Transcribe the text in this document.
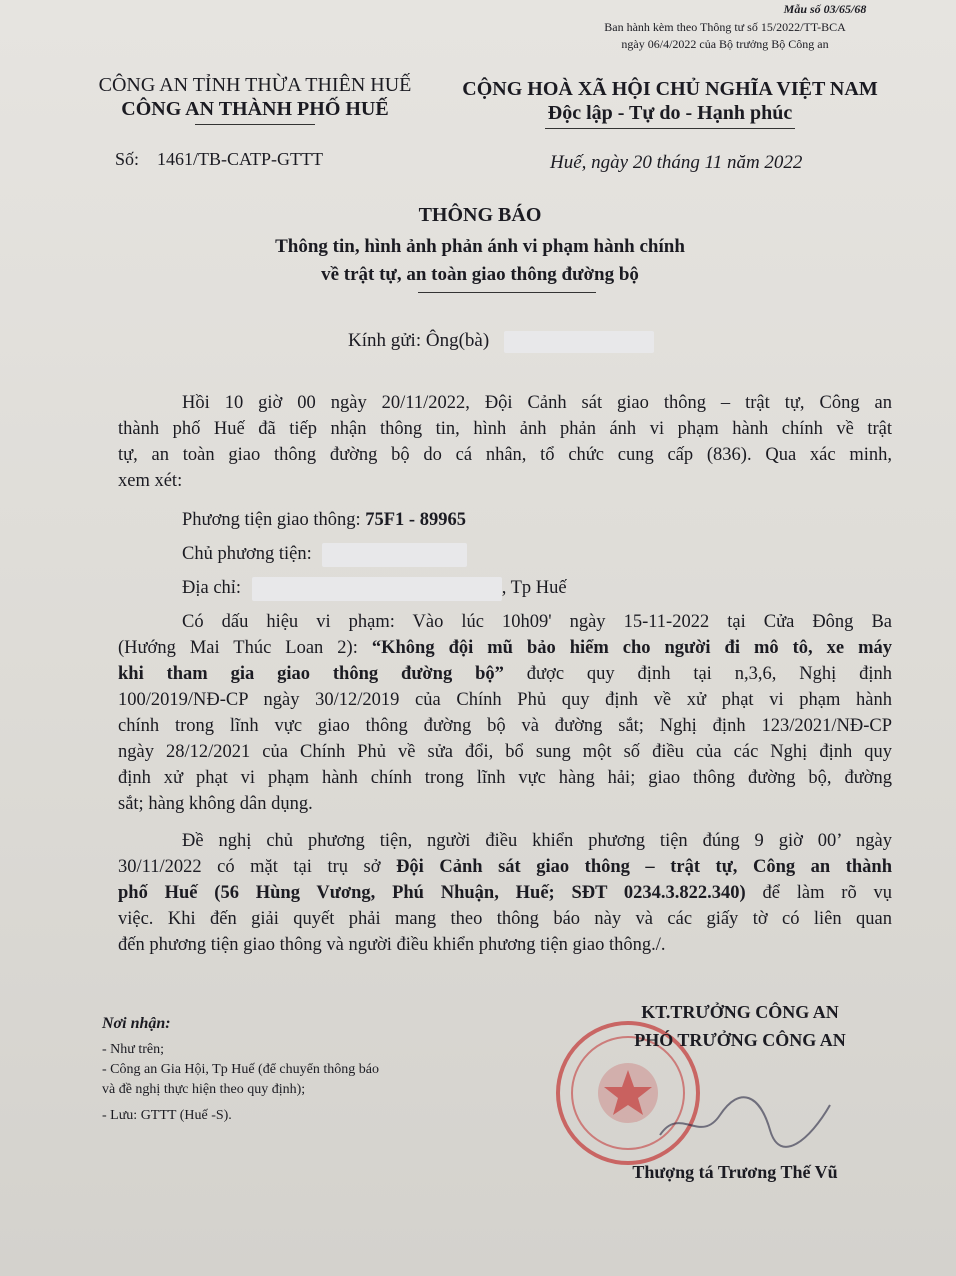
Mẫu số 03/65/68
Ban hành kèm theo Thông tư số 15/2022/TT-BCA
ngày 06/4/2022 của Bộ trưởng Bộ Công an
CÔNG AN TỈNH THỪA THIÊN HUẾ
CÔNG AN THÀNH PHỐ HUẾ
CỘNG HOÀ XÃ HỘI CHỦ NGHĨA VIỆT NAM
Độc lập - Tự do - Hạnh phúc
Số: 1461/TB-CATP-GTTT	Huế, ngày 20 tháng 11 năm 2022
THÔNG BÁO
Thông tin, hình ảnh phản ánh vi phạm hành chính
về trật tự, an toàn giao thông đường bộ
Kính gửi: Ông(bà)
Hồi 10 giờ 00 ngày 20/11/2022, Đội Cảnh sát giao thông – trật tự, Công an
thành phố Huế đã tiếp nhận thông tin, hình ảnh phản ánh vi phạm hành chính về trật
tự, an toàn giao thông đường bộ do cá nhân, tổ chức cung cấp (836). Qua xác minh,
xem xét:
Phương tiện giao thông: 75F1 - 89965
Chủ phương tiện:
Địa chỉ:	, Tp Huế
Có dấu hiệu vi phạm: Vào lúc 10h09' ngày 15-11-2022 tại Cửa Đông Ba
(Hướng Mai Thúc Loan 2): “Không đội mũ bảo hiểm cho người đi mô tô, xe máy
khi tham gia giao thông đường bộ” được quy định tại n,3,6, Nghị định
100/2019/NĐ-CP ngày 30/12/2019 của Chính Phủ quy định về xử phạt vi phạm hành
chính trong lĩnh vực giao thông đường bộ và đường sắt; Nghị định 123/2021/NĐ-CP
ngày 28/12/2021 của Chính Phủ về sửa đổi, bổ sung một số điều của các Nghị định quy
định xử phạt vi phạm hành chính trong lĩnh vực hàng hải; giao thông đường bộ, đường
sắt; hàng không dân dụng.
Đề nghị chủ phương tiện, người điều khiển phương tiện đúng 9 giờ 00’ ngày
30/11/2022 có mặt tại trụ sở Đội Cảnh sát giao thông – trật tự, Công an thành
phố Huế (56 Hùng Vương, Phú Nhuận, Huế; SĐT 0234.3.822.340) để làm rõ vụ
việc. Khi đến giải quyết phải mang theo thông báo này và các giấy tờ có liên quan
đến phương tiện giao thông và người điều khiển phương tiện giao thông./.
Nơi nhận:
- Như trên;
- Công an Gia Hội, Tp Huế (để chuyển thông báo
và đề nghị thực hiện theo quy định);
- Lưu: GTTT (Huế -S).
KT.TRƯỞNG CÔNG AN
PHÓ TRƯỞNG CÔNG AN
Thượng tá Trương Thế Vũ
